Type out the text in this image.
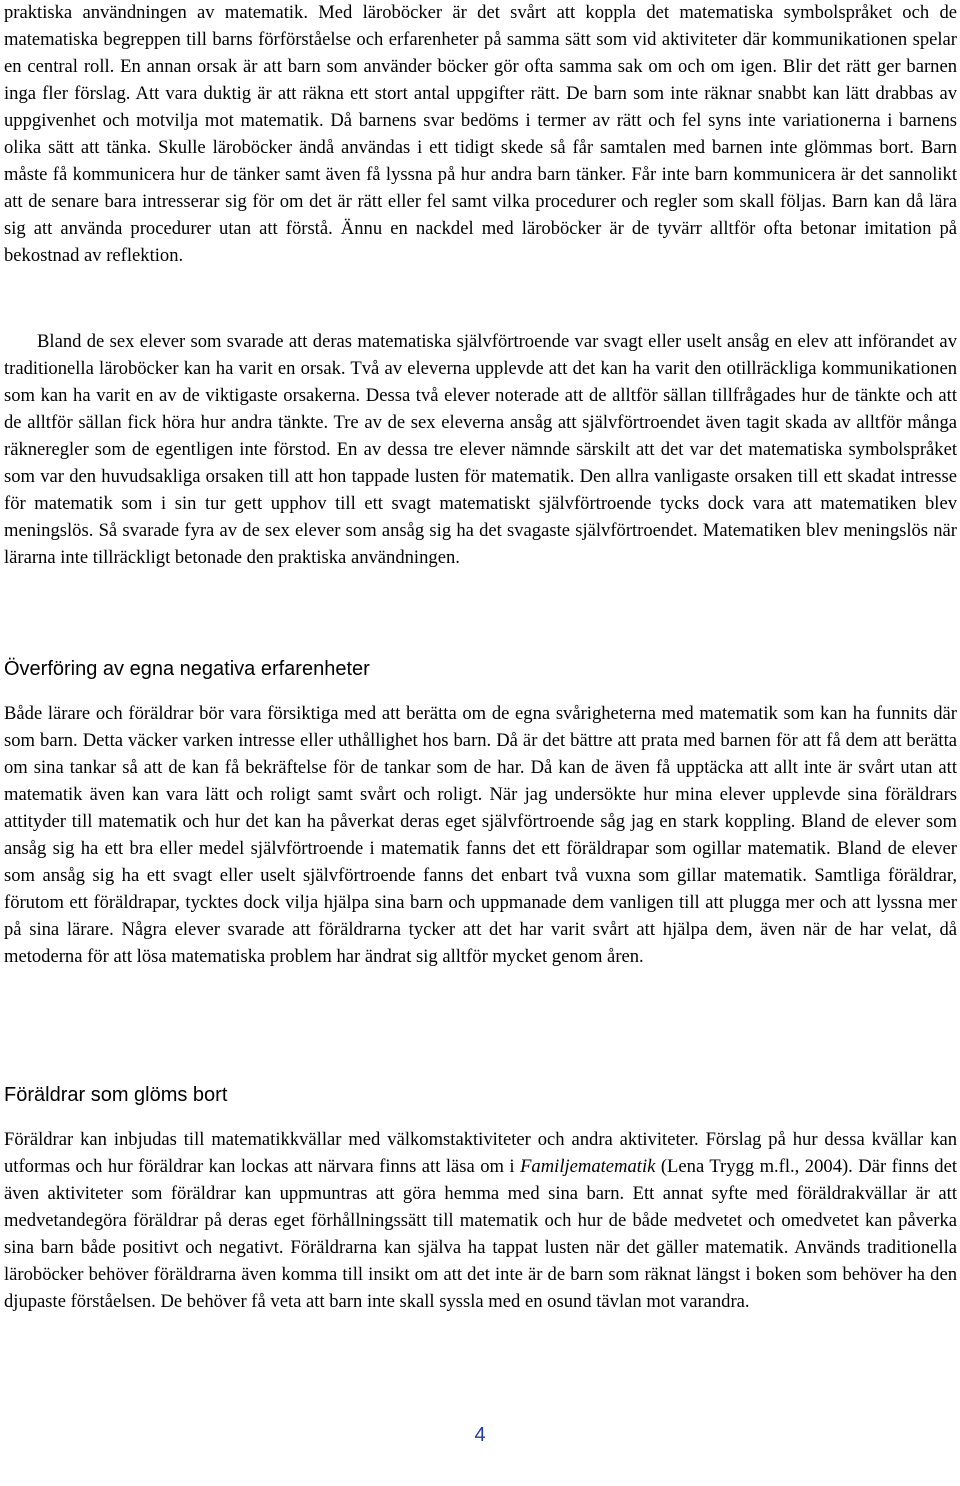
praktiska användningen av matematik. Med läroböcker är det svårt att koppla det matematiska symbolspråket och de matematiska begreppen till barns förförståelse och erfarenheter på samma sätt som vid aktiviteter där kommunikationen spelar en central roll. En annan orsak är att barn som använder böcker gör ofta samma sak om och om igen. Blir det rätt ger barnen inga fler förslag. Att vara duktig är att räkna ett stort antal uppgifter rätt. De barn som inte räknar snabbt kan lätt drabbas av uppgivenhet och motvilja mot matematik. Då barnens svar bedöms i termer av rätt och fel syns inte variationerna i barnens olika sätt att tänka. Skulle läroböcker ändå användas i ett tidigt skede så får samtalen med barnen inte glömmas bort. Barn måste få kommunicera hur de tänker samt även få lyssna på hur andra barn tänker. Får inte barn kommunicera är det sannolikt att de senare bara intresserar sig för om det är rätt eller fel samt vilka procedurer och regler som skall följas. Barn kan då lära sig att använda procedurer utan att förstå. Ännu en nackdel med läroböcker är de tyvärr alltför ofta betonar imitation på bekostnad av reflektion.

Bland de sex elever som svarade att deras matematiska självförtroende var svagt eller uselt ansåg en elev att införandet av traditionella läroböcker kan ha varit en orsak. Två av eleverna upplevde att det kan ha varit den otillräckliga kommunikationen som kan ha varit en av de viktigaste orsakerna. Dessa två elever noterade att de alltför sällan tillfrågades hur de tänkte och att de alltför sällan fick höra hur andra tänkte. Tre av de sex eleverna ansåg att självförtroendet även tagit skada av alltför många räkneregler som de egentligen inte förstod. En av dessa tre elever nämnde särskilt att det var det matematiska symbolspråket som var den huvudsakliga orsaken till att hon tappade lusten för matematik. Den allra vanligaste orsaken till ett skadat intresse för matematik som i sin tur gett upphov till ett svagt matematiskt självförtroende tycks dock vara att matematiken blev meningslös. Så svarade fyra av de sex elever som ansåg sig ha det svagaste självförtroendet. Matematiken blev meningslös när lärarna inte tillräckligt betonade den praktiska användningen.

Överföring av egna negativa erfarenheter

Både lärare och föräldrar bör vara försiktiga med att berätta om de egna svårigheterna med matematik som kan ha funnits där som barn. Detta väcker varken intresse eller uthållighet hos barn. Då är det bättre att prata med barnen för att få dem att berätta om sina tankar så att de kan få bekräftelse för de tankar som de har. Då kan de även få upptäcka att allt inte är svårt utan att matematik även kan vara lätt och roligt samt svårt och roligt. När jag undersökte hur mina elever upplevde sina föräldrars attityder till matematik och hur det kan ha påverkat deras eget självförtroende såg jag en stark koppling. Bland de elever som ansåg sig ha ett bra eller medel självförtroende i matematik fanns det ett föräldrapar som ogillar matematik. Bland de elever som ansåg sig ha ett svagt eller uselt självförtroende fanns det enbart två vuxna som gillar matematik. Samtliga föräldrar, förutom ett föräldrapar, tycktes dock vilja hjälpa sina barn och uppmanade dem vanligen till att plugga mer och att lyssna mer på sina lärare. Några elever svarade att föräldrarna tycker att det har varit svårt att hjälpa dem, även när de har velat, då metoderna för att lösa matematiska problem har ändrat sig alltför mycket genom åren.

Föräldrar som glöms bort

Föräldrar kan inbjudas till matematikkvällar med välkomstaktiviteter och andra aktiviteter. Förslag på hur dessa kvällar kan utformas och hur föräldrar kan lockas att närvara finns att läsa om i Familjematematik (Lena Trygg m.fl., 2004). Där finns det även aktiviteter som föräldrar kan uppmuntras att göra hemma med sina barn. Ett annat syfte med föräldrakvällar är att medvetandegöra föräldrar på deras eget förhållningssätt till matematik och hur de både medvetet och omedvetet kan påverka sina barn både positivt och negativt. Föräldrarna kan själva ha tappat lusten när det gäller matematik. Används traditionella läroböcker behöver föräldrarna även komma till insikt om att det inte är de barn som räknat längst i boken som behöver ha den djupaste förståelsen. De behöver få veta att barn inte skall syssla med en osund tävlan mot varandra.

4
